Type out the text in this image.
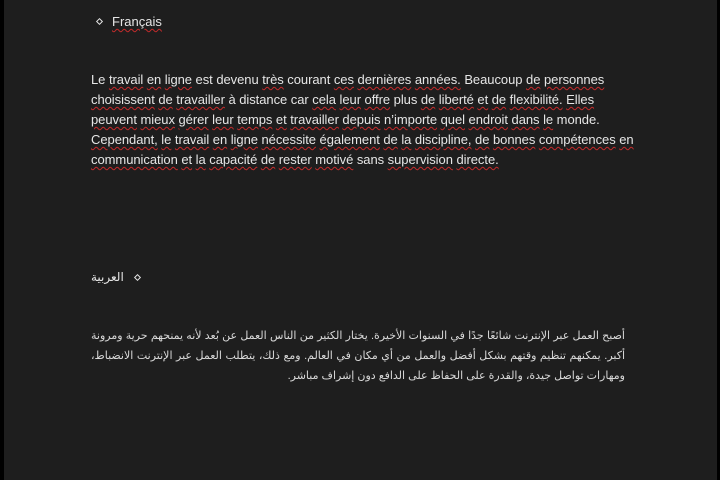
Français
Le travail en ligne est devenu très courant ces dernières années. Beaucoup de personnes choisissent de travailler à distance car cela leur offre plus de liberté et de flexibilité. Elles peuvent mieux gérer leur temps et travailler depuis n’importe quel endroit dans le monde. Cependant, le travail en ligne nécessite également de la discipline, de bonnes compétences en communication et la capacité de rester motivé sans supervision directe.
العربية
أصبح العمل عبر الإنترنت شائعًا جدًا في السنوات الأخيرة. يختار الكثير من الناس العمل عن بُعد لأنه يمنحهم حرية ومرونة أكبر. يمكنهم تنظيم وقتهم بشكل أفضل والعمل من أي مكان في العالم. ومع ذلك، يتطلب العمل عبر الإنترنت الانضباط، ومهارات تواصل جيدة، والقدرة على الحفاظ على الدافع دون إشراف مباشر.
